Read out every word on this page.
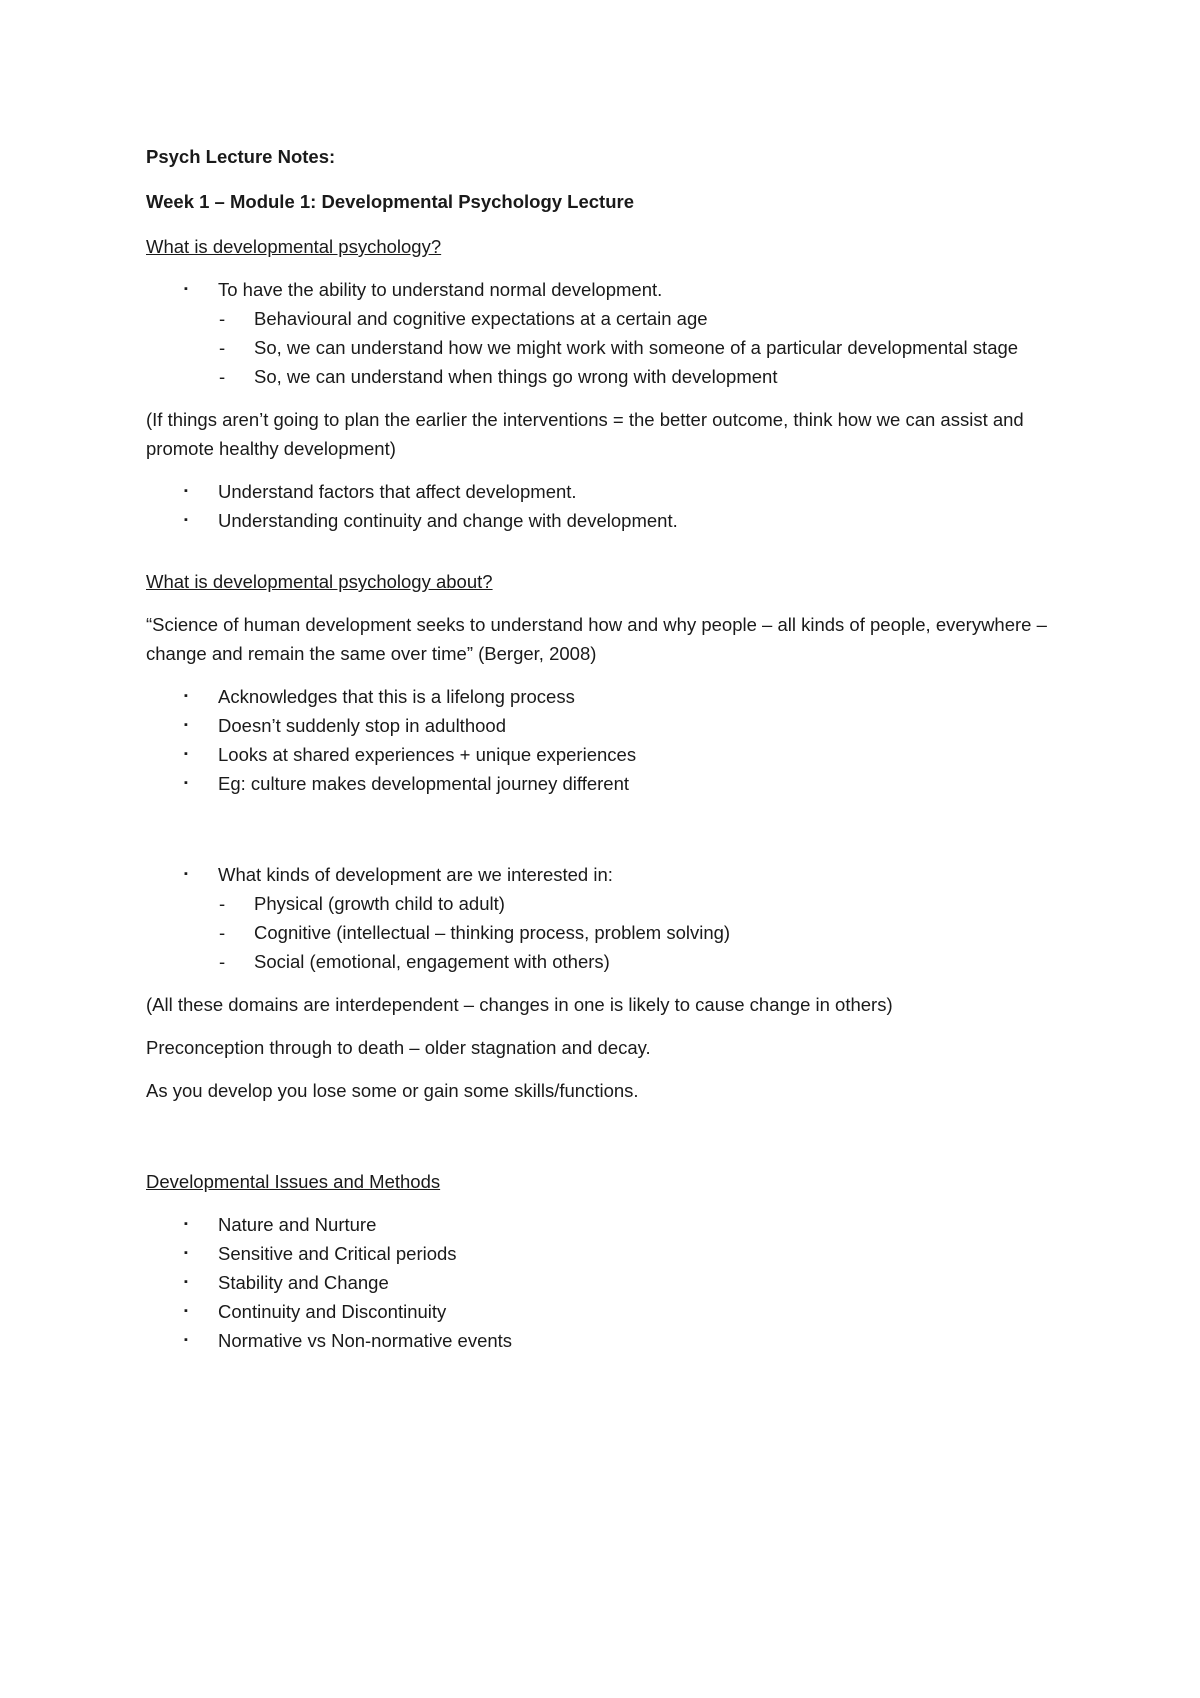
Psych Lecture Notes:
Week 1 – Module 1: Developmental Psychology Lecture
What is developmental psychology?
▪ To have the ability to understand normal development.
- Behavioural and cognitive expectations at a certain age
- So, we can understand how we might work with someone of a particular developmental stage
- So, we can understand when things go wrong with development

(If things aren’t going to plan the earlier the interventions = the better outcome, think how we can assist and promote healthy development)

▪ Understand factors that affect development.
▪ Understanding continuity and change with development.
What is developmental psychology about?

“Science of human development seeks to understand how and why people – all kinds of people, everywhere – change and remain the same over time” (Berger, 2008)

▪ Acknowledges that this is a lifelong process
▪ Doesn’t suddenly stop in adulthood
▪ Looks at shared experiences + unique experiences
▪ Eg: culture makes developmental journey different
▪ What kinds of development are we interested in:
- Physical (growth child to adult)
- Cognitive (intellectual – thinking process, problem solving)
- Social (emotional, engagement with others)

(All these domains are interdependent – changes in one is likely to cause change in others)

Preconception through to death – older stagnation and decay.

As you develop you lose some or gain some skills/functions.

Developmental Issues and Methods
▪ Nature and Nurture
▪ Sensitive and Critical periods
▪ Stability and Change
▪ Continuity and Discontinuity
▪ Normative vs Non-normative events
